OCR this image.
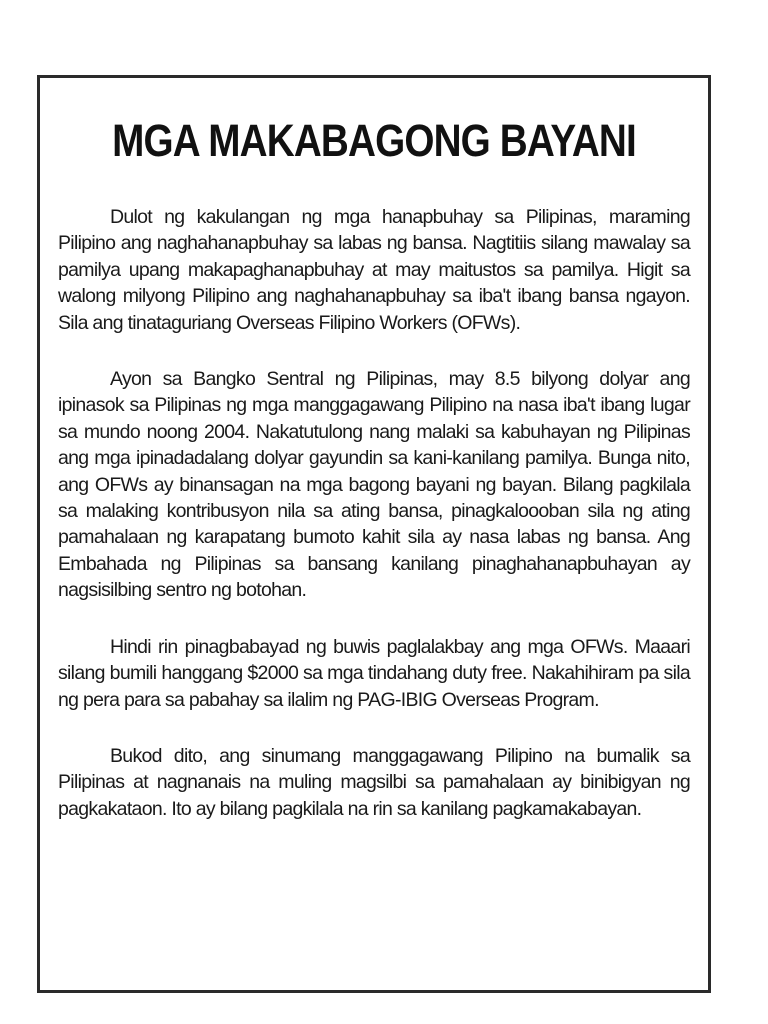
MGA MAKABAGONG BAYANI

Dulot ng kakulangan ng mga hanapbuhay sa Pilipinas, maraming Pilipino ang naghahanapbuhay sa labas ng bansa. Nagtitiis silang mawalay sa pamilya upang makapaghanapbuhay at may maitustos sa pamilya. Higit sa walong milyong Pilipino ang naghahanapbuhay sa iba't ibang bansa ngayon. Sila ang tinataguriang Overseas Filipino Workers (OFWs).

Ayon sa Bangko Sentral ng Pilipinas, may 8.5 bilyong dolyar ang ipinasok sa Pilipinas ng mga manggagawang Pilipino na nasa iba't ibang lugar sa mundo noong 2004. Nakatutulong nang malaki sa kabuhayan ng Pilipinas ang mga ipinadadalang dolyar gayundin sa kani-kanilang pamilya. Bunga nito, ang OFWs ay binansagan na mga bagong bayani ng bayan. Bilang pagkilala sa malaking kontribusyon nila sa ating bansa, pinagkaloooban sila ng ating pamahalaan ng karapatang bumoto kahit sila ay nasa labas ng bansa. Ang Embahada ng Pilipinas sa bansang kanilang pinaghahanapbuhayan ay nagsisilbing sentro ng botohan.

Hindi rin pinagbabayad ng buwis paglalakbay ang mga OFWs. Maaari silang bumili hanggang $2000 sa mga tindahang duty free. Nakahihiram pa sila ng pera para sa pabahay sa ilalim ng PAG-IBIG Overseas Program.

Bukod dito, ang sinumang manggagawang Pilipino na bumalik sa Pilipinas at nagnanais na muling magsilbi sa pamahalaan ay binibigyan ng pagkakataon. Ito ay bilang pagkilala na rin sa kanilang pagkamakabayan.
